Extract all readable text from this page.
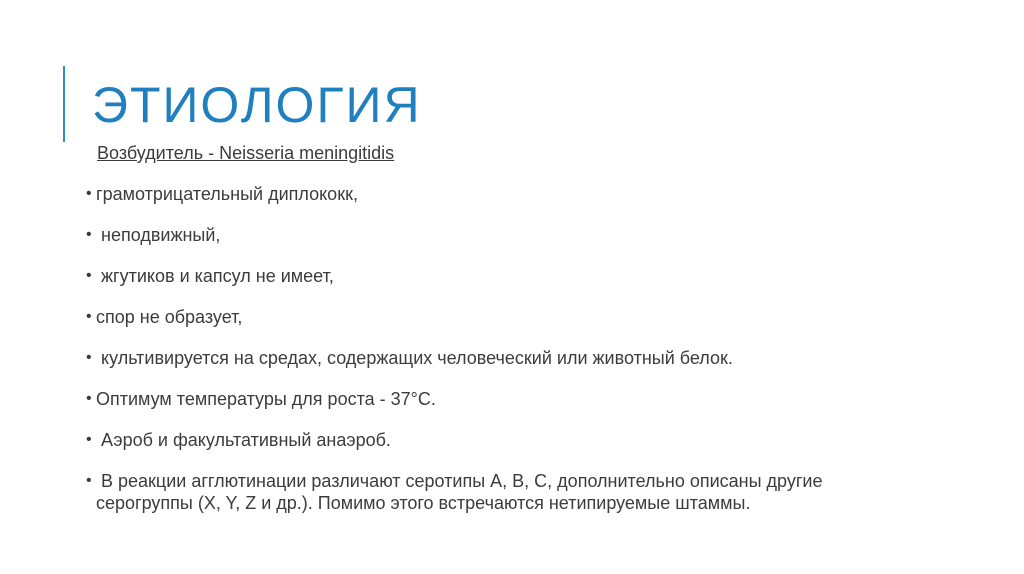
ЭТИОЛОГИЯ
Возбудитель - Neisseria meningitidis
• грамотрицательный диплококк,
• неподвижный,
• жгутиков и капсул не имеет,
• спор не образует,
• культивируется на средах, содержащих человеческий или животный белок.
• Оптимум температуры для роста - 37°С.
• Аэроб и факультативный анаэроб.
• В реакции агглютинации различают серотипы А, В, С, дополнительно описаны другие серогруппы (X, Y, Z и др.). Помимо этого встречаются нетипируемые штаммы.
